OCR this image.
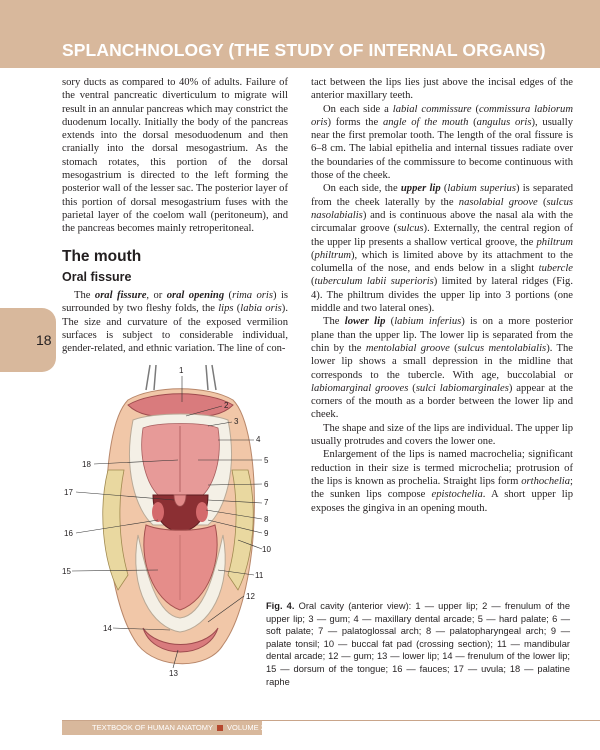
SPLANCHNOLOGY (THE STUDY OF INTERNAL ORGANS)
18

sory ducts as compared to 40% of adults. Failure of the ventral pancreatic diverticulum to migrate will result in an annular pancreas which may constrict the duodenum locally. Initially the body of the pancreas extends into the dorsal mesoduodenum and then cranially into the dorsal mesogastrium. As the stomach rotates, this portion of the dorsal mesogastrium is directed to the left forming the posterior wall of the lesser sac. The posterior layer of this portion of dorsal mesogastrium fuses with the parietal layer of the coelom wall (peritoneum), and the pancreas becomes mainly retroperitoneal.

The mouth
Oral fissure

The oral fissure, or oral opening (rima oris) is surrounded by two fleshy folds, the lips (labia oris). The size and curvature of the exposed vermilion surfaces is subject to considerable individual, gender-related, and ethnic variation. The line of con-

tact between the lips lies just above the incisal edges of the anterior maxillary teeth.

On each side a labial commissure (commissura labiorum oris) forms the angle of the mouth (angulus oris), usually near the first premolar tooth. The length of the oral fissure is 6–8 cm. The labial epithelia and internal tissues radiate over the boundaries of the commissure to become continuous with those of the cheek.

On each side, the upper lip (labium superius) is separated from the cheek laterally by the nasolabial groove (sulcus nasolabialis) and is continuous above the nasal ala with the circumalar groove (sulcus). Externally, the central region of the upper lip presents a shallow vertical groove, the philtrum (philtrum), which is limited above by its attachment to the columella of the nose, and ends below in a slight tubercle (tuberculum labii superioris) limited by lateral ridges (Fig. 4). The philtrum divides the upper lip into 3 portions (one middle and two lateral ones).

The lower lip (labium inferius) is on a more posterior plane than the upper lip. The lower lip is separated from the chin by the mentolabial groove (sulcus mentolabialis). The lower lip shows a small depression in the midline that corresponds to the tubercle. With age, buccolabial or labiomarginal grooves (sulci labiomarginales) appear at the corners of the mouth as a border between the lower lip and cheek.

The shape and size of the lips are individual. The upper lip usually protrudes and covers the lower one.

Enlargement of the lips is named macrochelia; significant reduction in their size is termed microchelia; protrusion of the lips is known as prochelia. Straight lips form orthochelia; the sunken lips compose epistochelia. A short upper lip exposes the gingiva in an opening mouth.

1
2
3
4
5
6
7
8
9
10
11
12
13
14
15
16
17
18
Fig. 4. Oral cavity (anterior view): 1 — upper lip; 2 — frenulum of the upper lip; 3 — gum; 4 — maxillary dental arcade; 5 — hard palate; 6 — soft palate; 7 — palatoglossal arch; 8 — palatopharyngeal arch; 9 — palate tonsil; 10 — buccal fat pad (crossing section); 11 — mandibular dental arcade; 12 — gum; 13 — lower lip; 14 — frenulum of the lower lip; 15 — dorsum of the tongue; 16 — fauces; 17 — uvula; 18 — palatine raphe
TEXTBOOK OF HUMAN ANATOMY VOLUME 2
